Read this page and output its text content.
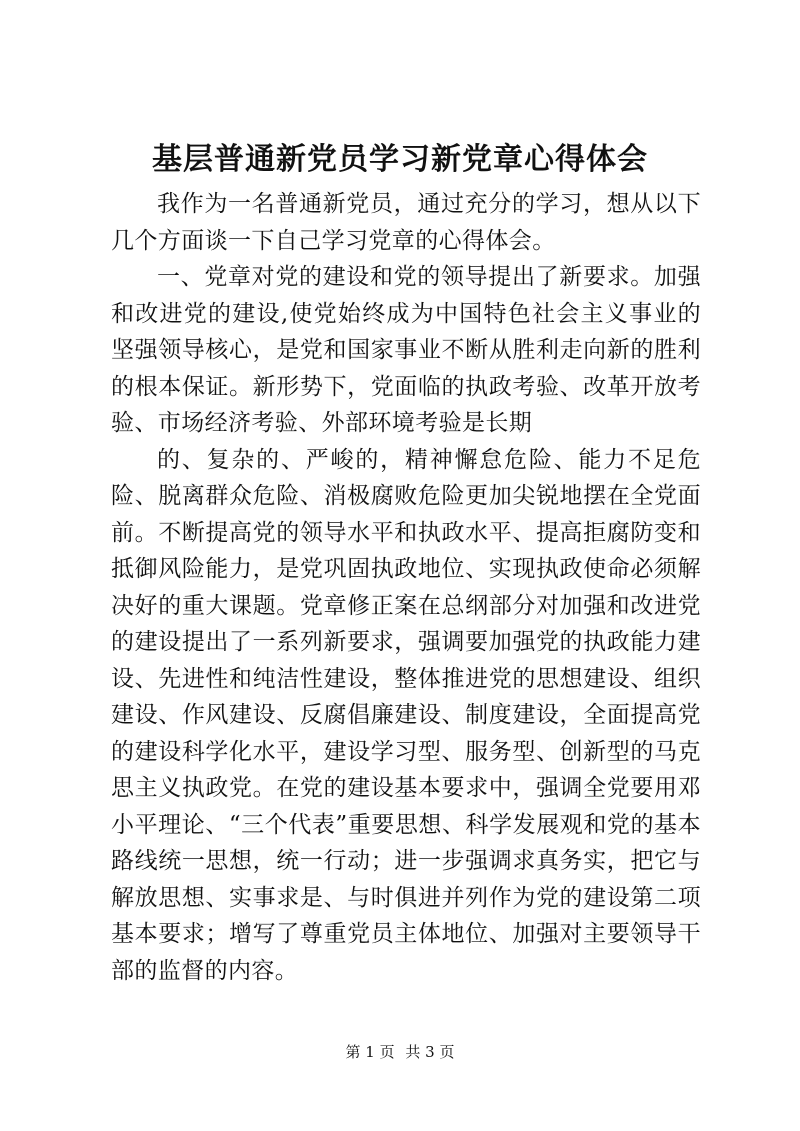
基层普通新党员学习新党章心得体会

我作为一名普通新党员，通过充分的学习，想从以下几个方面谈一下自己学习党章的心得体会。

一、党章对党的建设和党的领导提出了新要求。加强和改进党的建设,使党始终成为中国特色社会主义事业的坚强领导核心，是党和国家事业不断从胜利走向新的胜利的根本保证。新形势下，党面临的执政考验、改革开放考验、市场经济考验、外部环境考验是长期

的、复杂的、严峻的，精神懈怠危险、能力不足危险、脱离群众危险、消极腐败危险更加尖锐地摆在全党面前。不断提高党的领导水平和执政水平、提高拒腐防变和抵御风险能力，是党巩固执政地位、实现执政使命必须解决好的重大课题。党章修正案在总纲部分对加强和改进党的建设提出了一系列新要求，强调要加强党的执政能力建设、先进性和纯洁性建设，整体推进党的思想建设、组织建设、作风建设、反腐倡廉建设、制度建设，全面提高党的建设科学化水平，建设学习型、服务型、创新型的马克思主义执政党。在党的建设基本要求中，强调全党要用邓小平理论、“三个代表”重要思想、科学发展观和党的基本路线统一思想，统一行动；进一步强调求真务实，把它与解放思想、实事求是、与时俱进并列作为党的建设第二项基本要求；增写了尊重党员主体地位、加强对主要领导干部的监督的内容。

第 1 页 共 3 页
